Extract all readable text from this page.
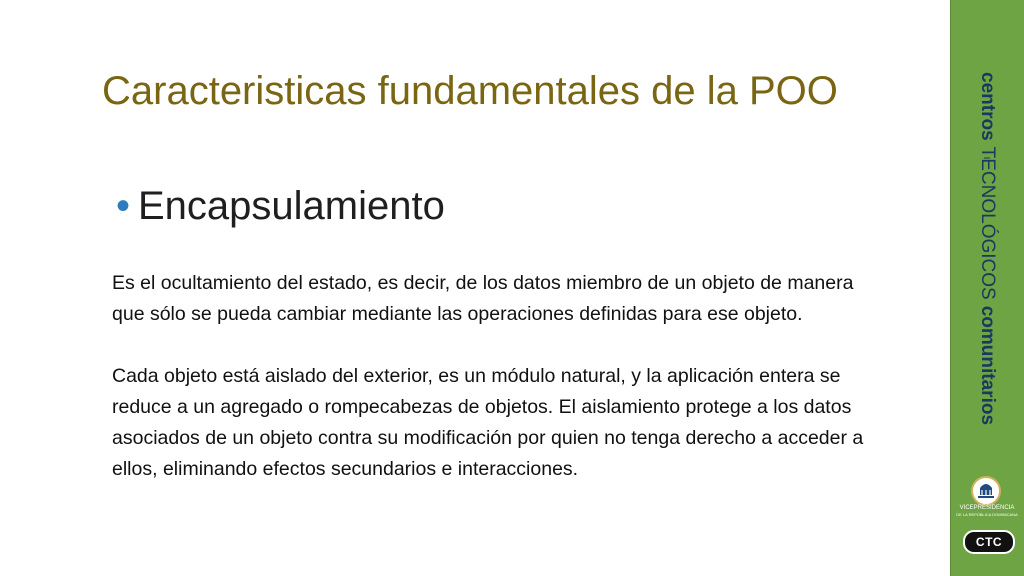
Caracteristicas fundamentales de la POO
• Encapsulamiento

Es el ocultamiento del estado, es decir, de los datos miembro de un objeto de manera que sólo se pueda cambiar mediante las operaciones definidas para ese objeto.

Cada objeto está aislado del exterior, es un módulo natural, y la aplicación entera se reduce a un agregado o rompecabezas de objetos. El aislamiento protege a los datos asociados de un objeto contra su modificación por quien no tenga derecho a acceder a ellos, eliminando efectos secundarios e interacciones.

centrosTECNOLÓGICOScomunitarios
VICEPRESIDENCIA
DE LA REPÚBLICA DOMINICANA
CTC
